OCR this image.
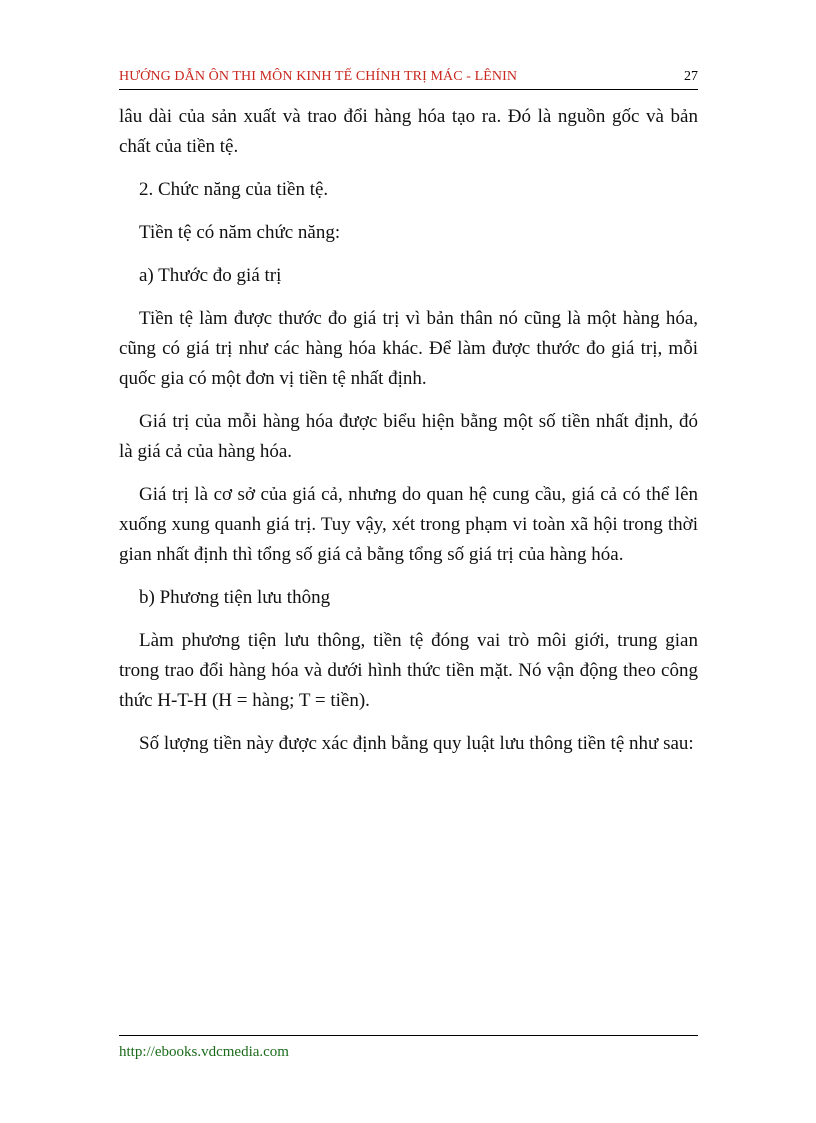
HƯỚNG DẪN ÔN THI MÔN KINH TẾ CHÍNH TRỊ MÁC - LÊNIN	27

lâu dài của sản xuất và trao đổi hàng hóa tạo ra. Đó là nguồn gốc và bản chất của tiền tệ.

2. Chức năng của tiền tệ.

Tiền tệ có năm chức năng:

a) Thước đo giá trị

Tiền tệ làm được thước đo giá trị vì bản thân nó cũng là một hàng hóa, cũng có giá trị như các hàng hóa khác. Để làm được thước đo giá trị, mỗi quốc gia có một đơn vị tiền tệ nhất định.

Giá trị của mỗi hàng hóa được biểu hiện bằng một số tiền nhất định, đó là giá cả của hàng hóa.

Giá trị là cơ sở của giá cả, nhưng do quan hệ cung cầu, giá cả có thể lên xuống xung quanh giá trị. Tuy vậy, xét trong phạm vi toàn xã hội trong thời gian nhất định thì tổng số giá cả bằng tổng số giá trị của hàng hóa.

b) Phương tiện lưu thông

Làm phương tiện lưu thông, tiền tệ đóng vai trò môi giới, trung gian trong trao đổi hàng hóa và dưới hình thức tiền mặt. Nó vận động theo công thức H-T-H (H = hàng; T = tiền).

Số lượng tiền này được xác định bằng quy luật lưu thông tiền tệ như sau:

http://ebooks.vdcmedia.com
